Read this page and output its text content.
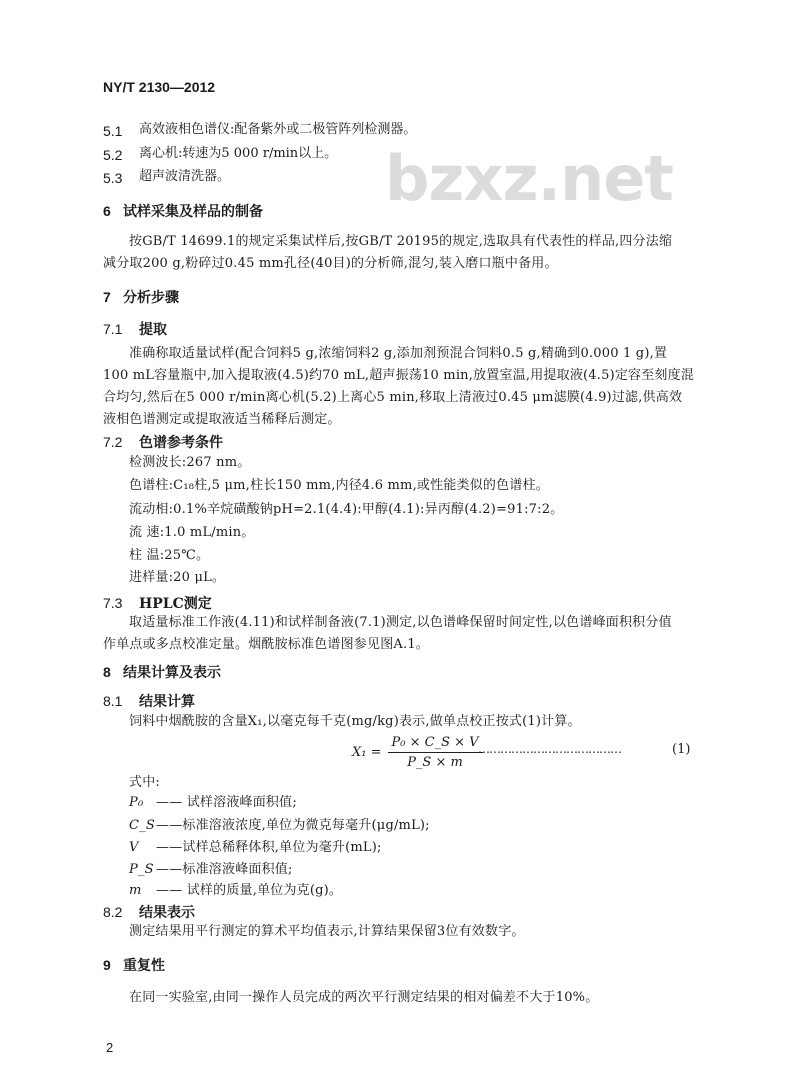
NY/T 2130—2012
bzxz.net
5.1 高效液相色谱仪:配备紫外或二极管阵列检测器。
5.2 离心机:转速为5 000 r/min以上。
5.3 超声波清洗器。
6 试样采集及样品的制备
按GB/T 14699.1的规定采集试样后,按GB/T 20195的规定,选取具有代表性的样品,四分法缩
减分取200 g,粉碎过0.45 mm孔径(40目)的分析筛,混匀,装入磨口瓶中备用。
7 分析步骤
7.1 提取
准确称取适量试样(配合饲料5 g,浓缩饲料2 g,添加剂预混合饲料0.5 g,精确到0.000 1 g),置
100 mL容量瓶中,加入提取液(4.5)约70 mL,超声振荡10 min,放置室温,用提取液(4.5)定容至刻度混
合均匀,然后在5 000 r/min离心机(5.2)上离心5 min,移取上清液过0.45 μm滤膜(4.9)过滤,供高效
液相色谱测定或提取液适当稀释后测定。
7.2 色谱参考条件
检测波长:267 nm。
色谱柱:C₁₈柱,5 μm,柱长150 mm,内径4.6 mm,或性能类似的色谱柱。
流动相:0.1%辛烷磺酸钠pH=2.1(4.4):甲醇(4.1):异丙醇(4.2)=91:7:2。
流 速:1.0 mL/min。
柱 温:25℃。
进样量:20 μL。
7.3 HPLC测定
取适量标准工作液(4.11)和试样制备液(7.1)测定,以色谱峰保留时间定性,以色谱峰面积积分值
作单点或多点校准定量。烟酰胺标准色谱图参见图A.1。
8 结果计算及表示
8.1 结果计算
饲料中烟酰胺的含量X₁,以毫克每千克(mg/kg)表示,做单点校正按式(1)计算。
$X_1 = \frac{\text{P₀ × C\_S × V}}{P\_S \times m}$
…………………………………	(1)
式中:
P₀ —— 试样溶液峰面积值;
C_S ——标准溶液浓度,单位为微克每毫升(μg/mL);
V ——试样总稀释体积,单位为毫升(mL);
P_S ——标准溶液峰面积值;
m —— 试样的质量,单位为克(g)。
8.2 结果表示
测定结果用平行测定的算术平均值表示,计算结果保留3位有效数字。
9 重复性
在同一实验室,由同一操作人员完成的两次平行测定结果的相对偏差不大于10%。
2
